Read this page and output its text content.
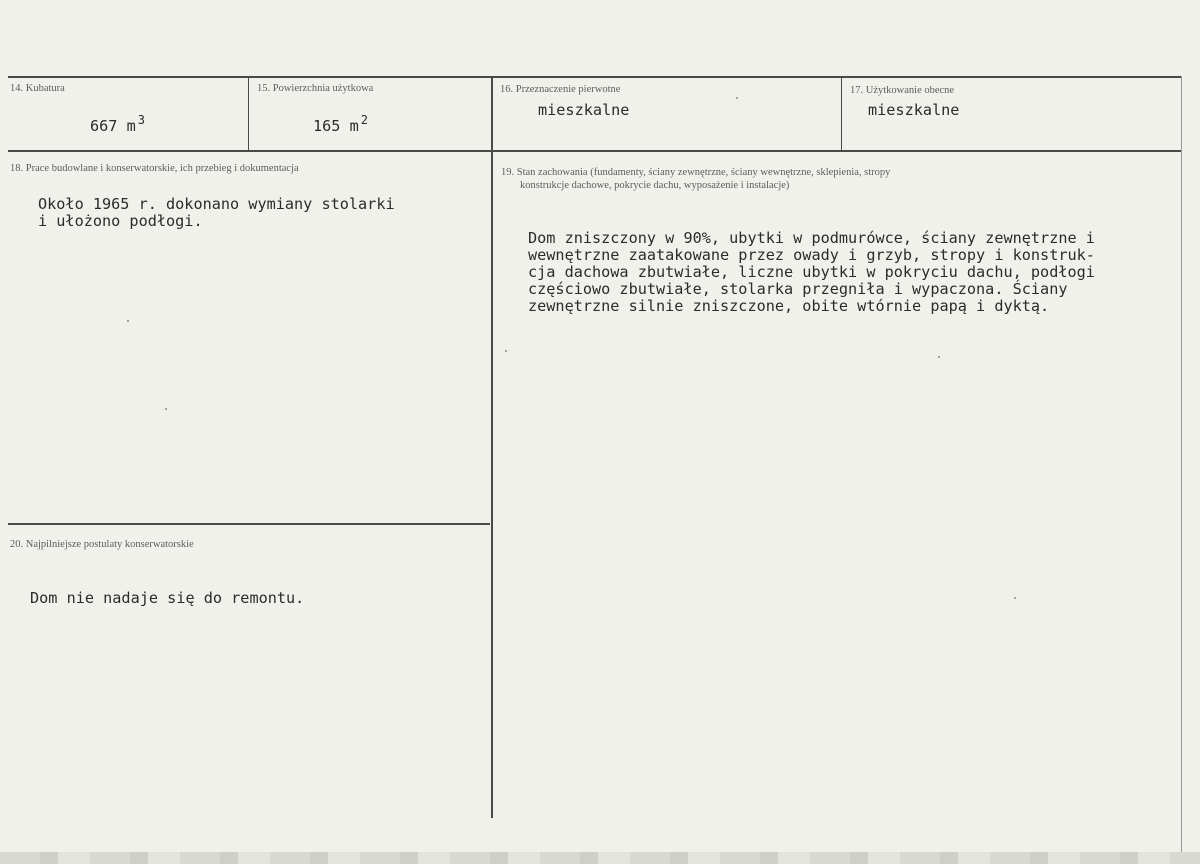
14. Kubatura
667 m $^3$
15. Powierzchnia użytkowa
165 m $^2$
16. Przeznaczenie pierwotne
mieszkalne
17. Użytkowanie obecne
mieszkalne
18. Prace budowlane i konserwatorskie, ich przebieg i dokumentacja
Około 1965 r. dokonano wymiany stolarki
i ułożono podłogi.
19. Stan zachowania (fundamenty, ściany zewnętrzne, ściany wewnętrzne, sklepienia, stropy
konstrukcje dachowe, pokrycie dachu, wyposażenie i instalacje)
Dom zniszczony w 90%, ubytki w podmurówce, ściany zewnętrzne i
wewnętrzne zaatakowane przez owady i grzyb, stropy i konstruk-
cja dachowa zbutwiałe, liczne ubytki w pokryciu dachu, podłogi
częściowo zbutwiałe, stolarka przegniła i wypaczona. Ściany
zewnętrzne silnie zniszczone, obite wtórnie papą i dyktą.
20. Najpilniejsze postulaty konserwatorskie
Dom nie nadaje się do remontu.
